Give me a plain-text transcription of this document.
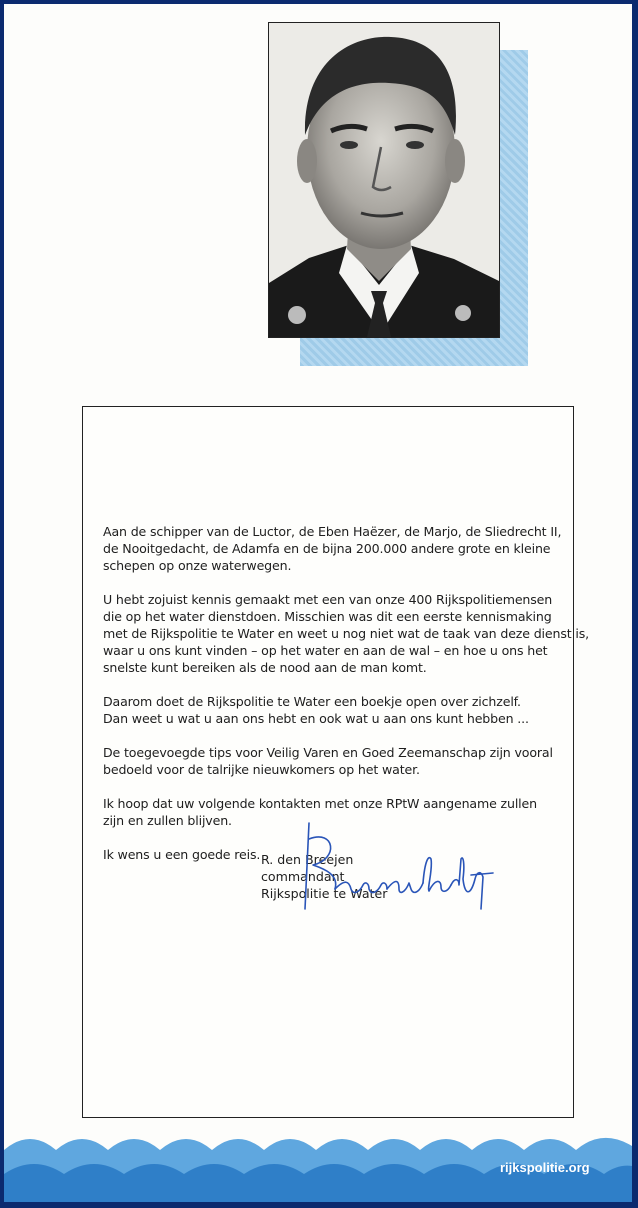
Aan de schipper van de Luctor, de Eben Haëzer, de Marjo, de Sliedrecht II,
de Nooitgedacht, de Adamfa en de bijna 200.000 andere grote en kleine
schepen op onze waterwegen.

U hebt zojuist kennis gemaakt met een van onze 400 Rijkspolitiemensen
die op het water dienstdoen. Misschien was dit een eerste kennismaking
met de Rijkspolitie te Water en weet u nog niet wat de taak van deze dienst is,
waar u ons kunt vinden – op het water en aan de wal – en hoe u ons het
snelste kunt bereiken als de nood aan de man komt.

Daarom doet de Rijkspolitie te Water een boekje open over zichzelf.
Dan weet u wat u aan ons hebt en ook wat u aan ons kunt hebben ...

De toegevoegde tips voor Veilig Varen en Goed Zeemanschap zijn vooral
bedoeld voor de talrijke nieuwkomers op het water.

Ik hoop dat uw volgende kontakten met onze RPtW aangename zullen
zijn en zullen blijven.

Ik wens u een goede reis. R. den Breejen
commandant
Rijkspolitie te Water
rijkspolitie.org
